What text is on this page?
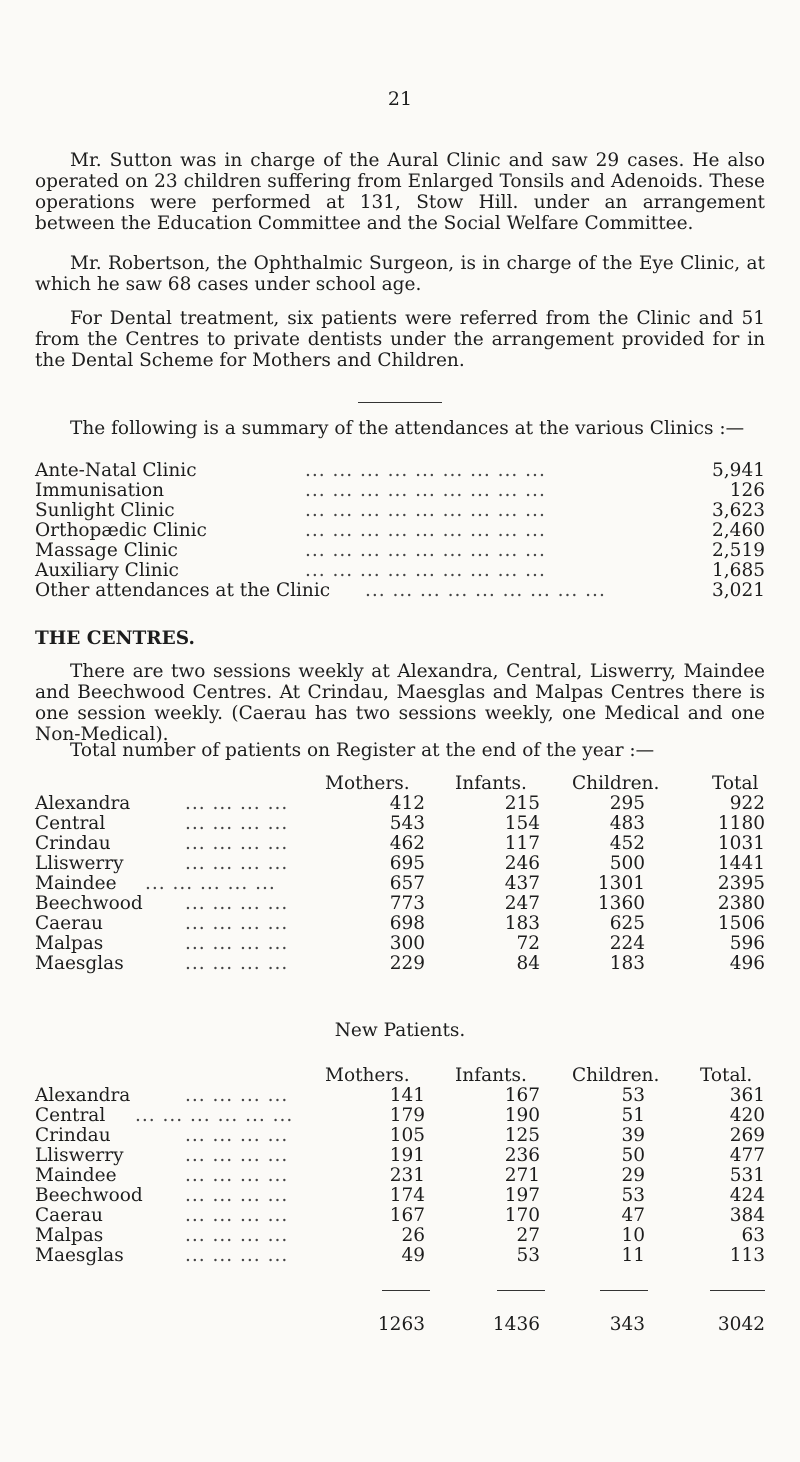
21

Mr. Sutton was in charge of the Aural Clinic and saw 29 cases. He also operated on 23 children suffering from Enlarged Tonsils and Adenoids. These operations were performed at 131, Stow Hill. under an arrangement between the Education Committee and the Social Welfare Committee.

Mr. Robertson, the Ophthalmic Surgeon, is in charge of the Eye Clinic, at which he saw 68 cases under school age.

For Dental treatment, six patients were referred from the Clinic and 51 from the Centres to private dentists under the arrangement provided for in the Dental Scheme for Mothers and Children.

The following is a summary of the attendances at the various Clinics :—

Ante-Natal Clinic	... ... ... ... ... ... ... ... ...	5,941
Immunisation	... ... ... ... ... ... ... ... ...	126
Sunlight Clinic	... ... ... ... ... ... ... ... ...	3,623
Orthopædic Clinic	... ... ... ... ... ... ... ... ...	2,460
Massage Clinic	... ... ... ... ... ... ... ... ...	2,519
Auxiliary Clinic	... ... ... ... ... ... ... ... ...	1,685
Other attendances at the Clinic ... ... ... ... ... ... ... ... ...	3,021
THE CENTRES.

There are two sessions weekly at Alexandra, Central, Liswerry, Maindee and Beechwood Centres. At Crindau, Maesglas and Malpas Centres there is one session weekly. (Caerau has two sessions weekly, one Medical and one Non-Medical).

Total number of patients on Register at the end of the year :—

Mothers. Infants. Children.	Total
Alexandra	... ... ... ...	412	215	295	922
Central	... ... ... ...	543	154	483	1180
Crindau	... ... ... ...	462	117	452	1031
Lliswerry	... ... ... ...	695	246	500	1441
Maindee ... ... ... ... ...	657	437	1301	2395
Beechwood ... ... ... ...	773	247	1360	2380
Caerau	... ... ... ...	698	183	625	1506
Malpas	... ... ... ...	300	72	224	596
Maesglas	... ... ... ...	229	84	183	496
New Patients.
Mothers. Infants. Children. Total.
Alexandra	... ... ... ...	141	167	53	361
Central ... ... ... ... ... ...	179	190	51	420
Crindau	... ... ... ...	105	125	39	269
Lliswerry	... ... ... ...	191	236	50	477
Maindee	... ... ... ...	231	271	29	531
Beechwood ... ... ... ...	174	197	53	424
Caerau	... ... ... ...	167	170	47	384
Malpas	... ... ... ...	26	27	10	63
Maesglas	... ... ... ...	49	53	11	113
1263	1436	343	3042
